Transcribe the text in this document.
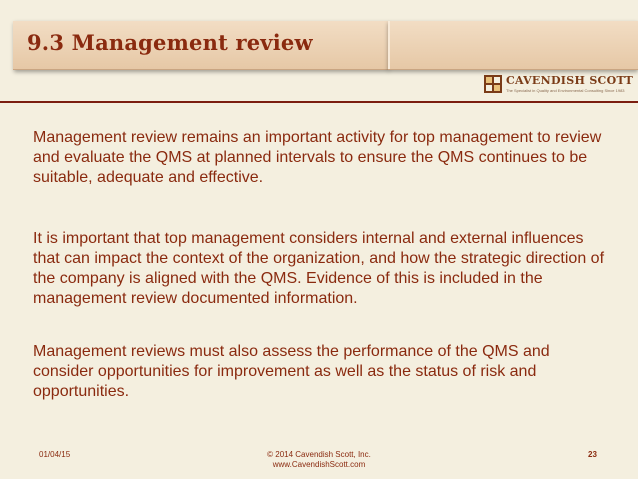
9.3 Management review
CAVENDISH SCOTT
The Specialist in Quality and Environmental Consulting Since 1983
Management review remains an important activity for top management to review and evaluate the QMS at planned intervals to ensure the QMS continues to be suitable, adequate and effective.
It is important that top management considers internal and external influences that can impact the context of the organization, and how the strategic direction of the company is aligned with the QMS. Evidence of this is included in the management review documented information.
Management reviews must also assess the performance of the QMS and consider opportunities for improvement as well as the status of risk and opportunities.
01/04/15	© 2014 Cavendish Scott, Inc.
www.CavendishScott.com
23
